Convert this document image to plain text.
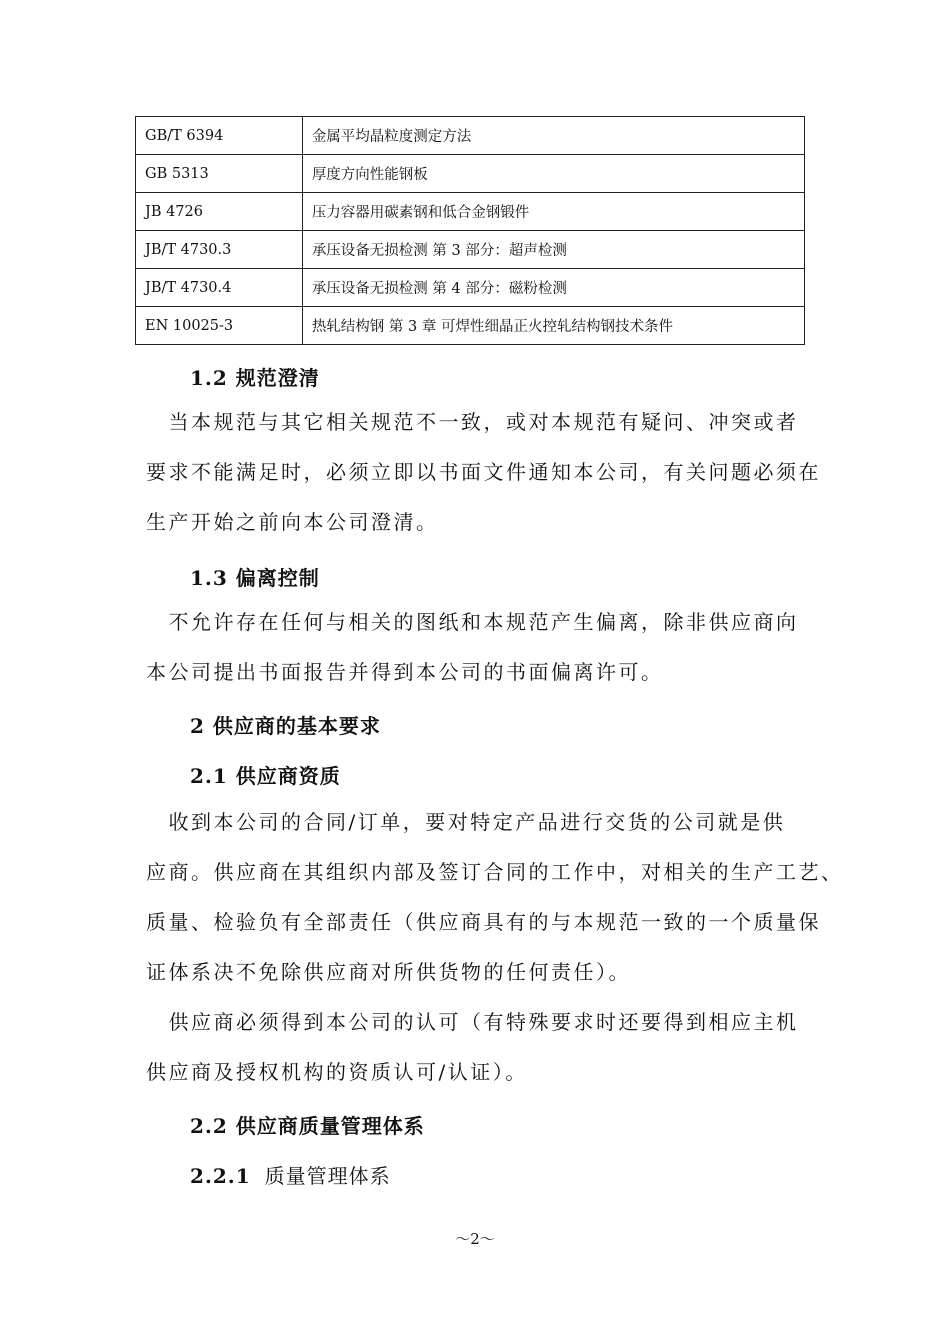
GB/T 6394	金属平均晶粒度测定方法
GB 5313	厚度方向性能钢板
JB 4726	压力容器用碳素钢和低合金钢锻件
JB/T 4730.3	承压设备无损检测 第 3 部分：超声检测
JB/T 4730.4	承压设备无损检测 第 4 部分：磁粉检测
EN 10025-3	热轧结构钢 第 3 章 可焊性细晶正火控轧结构钢技术条件
1.2 规范澄清
　当本规范与其它相关规范不一致，或对本规范有疑问、冲突或者
要求不能满足时，必须立即以书面文件通知本公司，有关问题必须在
生产开始之前向本公司澄清。
1.3 偏离控制
　不允许存在任何与相关的图纸和本规范产生偏离，除非供应商向
本公司提出书面报告并得到本公司的书面偏离许可。
2 供应商的基本要求
2.1 供应商资质
　收到本公司的合同/订单，要对特定产品进行交货的公司就是供
应商。供应商在其组织内部及签订合同的工作中，对相关的生产工艺、
质量、检验负有全部责任（供应商具有的与本规范一致的一个质量保
证体系决不免除供应商对所供货物的任何责任）。
　供应商必须得到本公司的认可（有特殊要求时还要得到相应主机
供应商及授权机构的资质认可/认证）。
2.2 供应商质量管理体系
2.2.1 质量管理体系
～2～
